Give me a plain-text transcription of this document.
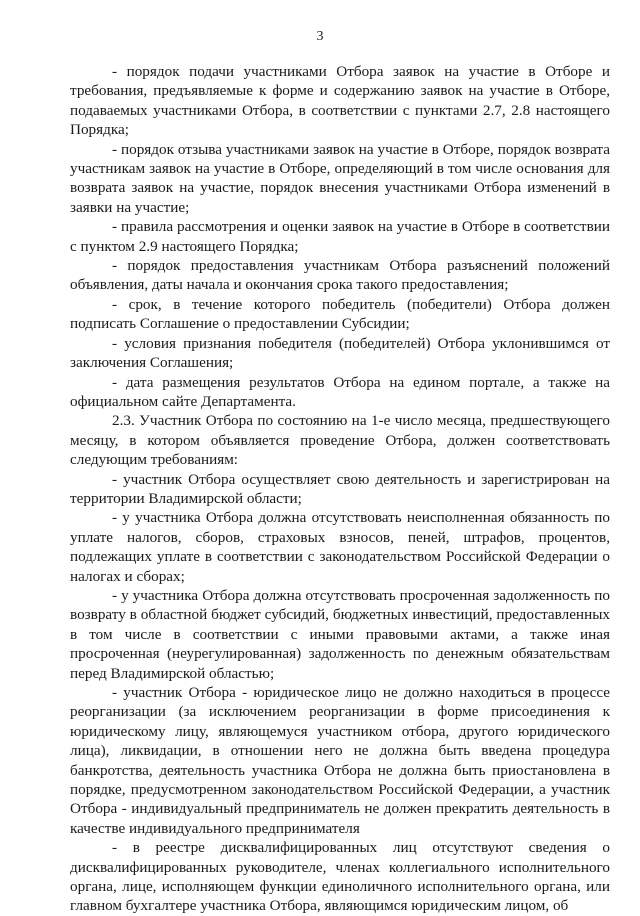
3

- порядок подачи участниками Отбора заявок на участие в Отборе и требования, предъявляемые к форме и содержанию заявок на участие в Отборе, подаваемых участниками Отбора, в соответствии с пунктами 2.7, 2.8 настоящего Порядка;

- порядок отзыва участниками заявок на участие в Отборе, порядок возврата участникам заявок на участие в Отборе, определяющий в том числе основания для возврата заявок на участие, порядок внесения участниками Отбора изменений в заявки на участие;

- правила рассмотрения и оценки заявок на участие в Отборе в соответствии с пунктом 2.9 настоящего Порядка;

- порядок предоставления участникам Отбора разъяснений положений объявления, даты начала и окончания срока такого предоставления;

- срок, в течение которого победитель (победители) Отбора должен подписать Соглашение о предоставлении Субсидии;

- условия признания победителя (победителей) Отбора уклонившимся от заключения Соглашения;

- дата размещения результатов Отбора на едином портале, а также на официальном сайте Департамента.

2.3. Участник Отбора по состоянию на 1-е число месяца, предшествующего месяцу, в котором объявляется проведение Отбора, должен соответствовать следующим требованиям:

- участник Отбора осуществляет свою деятельность и зарегистрирован на территории Владимирской области;

- у участника Отбора должна отсутствовать неисполненная обязанность по уплате налогов, сборов, страховых взносов, пеней, штрафов, процентов, подлежащих уплате в соответствии с законодательством Российской Федерации о налогах и сборах;

- у участника Отбора должна отсутствовать просроченная задолженность по возврату в областной бюджет субсидий, бюджетных инвестиций, предоставленных в том числе в соответствии с иными правовыми актами, а также иная просроченная (неурегулированная) задолженность по денежным обязательствам перед Владимирской областью;

- участник Отбора - юридическое лицо не должно находиться в процессе реорганизации (за исключением реорганизации в форме присоединения к юридическому лицу, являющемуся участником отбора, другого юридического лица), ликвидации, в отношении него не должна быть введена процедура банкротства, деятельность участника Отбора не должна быть приостановлена в порядке, предусмотренном законодательством Российской Федерации, а участник Отбора - индивидуальный предприниматель не должен прекратить деятельность в качестве индивидуального предпринимателя

- в реестре дисквалифицированных лиц отсутствуют сведения о дисквалифицированных руководителе, членах коллегиального исполнительного органа, лице, исполняющем функции единоличного исполнительного органа, или главном бухгалтере участника Отбора, являющимся юридическим лицом, об
